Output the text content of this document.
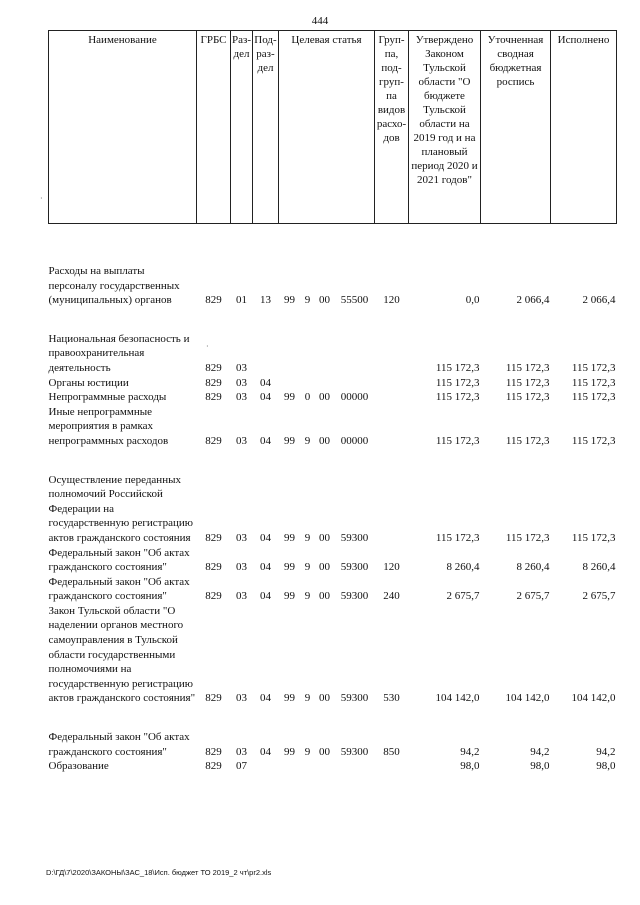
444
Наименование	ГРБС	Раз-дел	Под-раз-дел	Целевая статья				Груп-па, под-груп-па видов расхо-дов	Утверждено Законом Тульской области "О бюджете Тульской области на 2019 год и на плановый период 2020 и 2021 годов"	Уточненная сводная бюджетная роспись	Исполнено

Расходы на выплаты персоналу государственных (муниципальных) органов	829	01	13	99	9	00	55500	120	0,0	2 066,4	2 066,4

Национальная безопасность и правоохранительная деятельность	829	03							115 172,3	115 172,3	115 172,3
Органы юстиции	829	03	04						115 172,3	115 172,3	115 172,3
Непрограммные расходы	829	03	04	99	0	00	00000		115 172,3	115 172,3	115 172,3
Иные непрограммные мероприятия в рамках непрограммных расходов	829	03	04	99	9	00	00000		115 172,3	115 172,3	115 172,3

Осуществление переданных полномочий Российской Федерации на государственную регистрацию актов гражданского состояния	829	03	04	99	9	00	59300		115 172,3	115 172,3	115 172,3
Федеральный закон "Об актах гражданского состояния"	829	03	04	99	9	00	59300	120	8 260,4	8 260,4	8 260,4
Федеральный закон "Об актах гражданского состояния"	829	03	04	99	9	00	59300	240	2 675,7	2 675,7	2 675,7
Закон Тульской области "О наделении органов местного самоуправления в Тульской области государственными полномочиями на государственную регистрацию актов гражданского состояния"	829	03	04	99	9	00	59300	530	104 142,0	104 142,0	104 142,0

Федеральный закон "Об актах гражданского состояния"	829	03	04	99	9	00	59300	850	94,2	94,2	94,2
Образование	829	07							98,0	98,0	98,0
D:\ГД\7\2020\ЗАКОНЫ\ЗАС_18\Исп. бюджет ТО 2019_2 чт\pr2.xls
·
·
